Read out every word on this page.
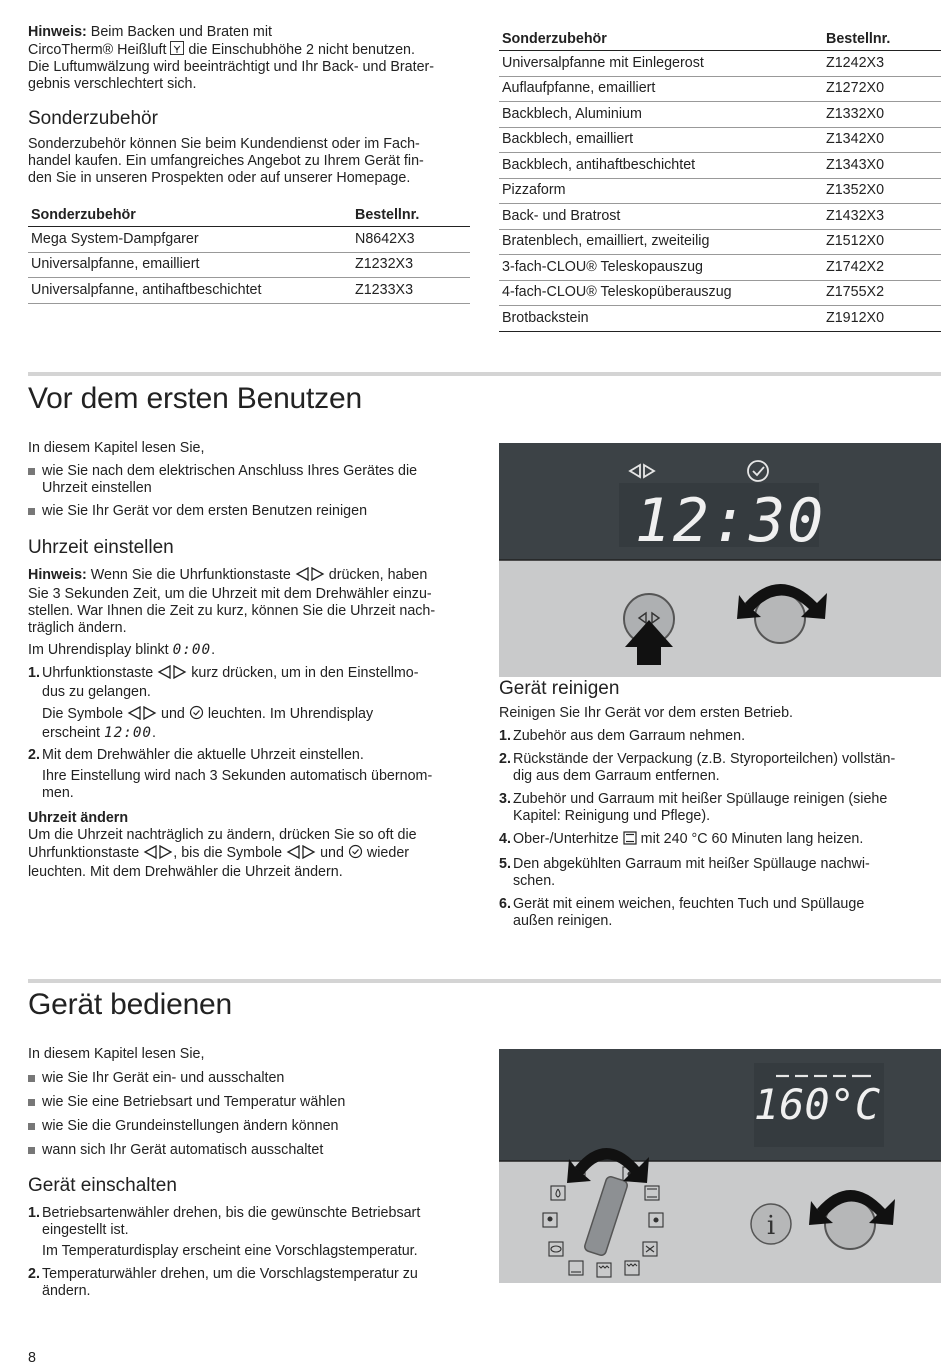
Hinweis: Beim Backen und Braten mit

CircoTherm® Heißluft die Einschubhöhe 2 nicht benutzen.

Die Luftumwälzung wird beeinträchtigt und Ihr Back- und Brater-

gebnis verschlechtert sich.

Sonderzubehör

Sonderzubehör können Sie beim Kundendienst oder im Fach-

handel kaufen. Ein umfangreiches Angebot zu Ihrem Gerät fin-

den Sie in unseren Prospekten oder auf unserer Homepage.

Sonderzubehör	Bestellnr.
Mega System-Dampfgarer	N8642X3
Universalpfanne, emailliert	Z1232X3
Universalpfanne, antihaftbeschichtet	Z1233X3
Sonderzubehör	Bestellnr.
Universalpfanne mit Einlegerost	Z1242X3
Auflaufpfanne, emailliert	Z1272X0
Backblech, Aluminium	Z1332X0
Backblech, emailliert	Z1342X0
Backblech, antihaftbeschichtet	Z1343X0
Pizzaform	Z1352X0
Back- und Bratrost	Z1432X3
Bratenblech, emailliert, zweiteilig	Z1512X0
3-fach-CLOU® Teleskopauszug	Z1742X2
4-fach-CLOU® Teleskopüberauszug	Z1755X2
Brotbackstein	Z1912X0
Vor dem ersten Benutzen

In diesem Kapitel lesen Sie,

wie Sie nach dem elektrischen Anschluss Ihres Gerätes die

Uhrzeit einstellen

wie Sie Ihr Gerät vor dem ersten Benutzen reinigen

Uhrzeit einstellen

Hinweis: Wenn Sie die Uhrfunktionstaste	drücken, haben

Sie 3 Sekunden Zeit, um die Uhrzeit mit dem Drehwähler einzu-

stellen. War Ihnen die Zeit zu kurz, können Sie die Uhrzeit nach-

träglich ändern.

Im Uhrendisplay blinkt 0:00.

1. Uhrfunktionstaste	kurz drücken, um in den Einstellmo-

dus zu gelangen.

Die Symbole	und leuchten. Im Uhrendisplay

erscheint 12:00.

2. Mit dem Drehwähler die aktuelle Uhrzeit einstellen.

Ihre Einstellung wird nach 3 Sekunden automatisch übernom-

men.

Uhrzeit ändern

Um die Uhrzeit nachträglich zu ändern, drücken Sie so oft die

Uhrfunktionstaste , bis die Symbole	und wieder

leuchten. Mit dem Drehwähler die Uhrzeit ändern.

12:30
Gerät reinigen

Reinigen Sie Ihr Gerät vor dem ersten Betrieb.

1. Zubehör aus dem Garraum nehmen.

2. Rückstände der Verpackung (z.B. Styroporteilchen) vollstän-

dig aus dem Garraum entfernen.

3. Zubehör und Garraum mit heißer Spüllauge reinigen (siehe

Kapitel: Reinigung und Pflege).

4. Ober-/Unterhitze mit 240 °C 60 Minuten lang heizen.

5. Den abgekühlten Garraum mit heißer Spüllauge nachwi-

schen.

6. Gerät mit einem weichen, feuchten Tuch und Spüllauge

außen reinigen.

Gerät bedienen

In diesem Kapitel lesen Sie,

wie Sie Ihr Gerät ein- und ausschalten

wie Sie eine Betriebsart und Temperatur wählen

wie Sie die Grundeinstellungen ändern können

wann sich Ihr Gerät automatisch ausschaltet

Gerät einschalten
1. Betriebsartenwähler drehen, bis die gewünschte Betriebsart

eingestellt ist.

Im Temperaturdisplay erscheint eine Vorschlagstemperatur.

2. Temperaturwähler drehen, um die Vorschlagstemperatur zu

ändern.

160°C
i
8
